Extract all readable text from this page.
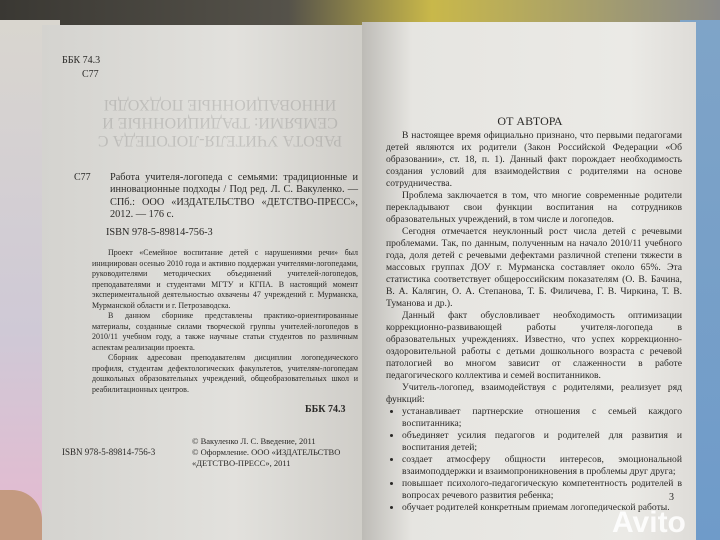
РАБОТА УЧИТЕЛЯ-ЛОГОПЕДА С СЕМЬЯМИ: ТРАДИЦИОННЫЕ И ИННОВАЦИОННЫЕ ПОДХОДЫ
ББК 74.3
С77
С77 Работа учителя-логопеда с семьями: традиционные и инновационные подходы / Под ред. Л. С. Вакуленко. — СПб.: ООО «ИЗДАТЕЛЬСТВО «ДЕТСТВО-ПРЕСС», 2012. — 176 с.
ISBN 978-5-89814-756-3

Проект «Семейное воспитание детей с нарушениями речи» был инициирован осенью 2010 года и активно поддержан учителями-логопедами, руководителями методических объединений учителей-логопедов, преподавателями и студентами МГТУ и КГПА. В настоящий момент экспериментальной деятельностью охвачены 47 учреждений г. Мурманска, Мурманской области и г. Петрозаводска.

В данном сборнике представлены практико-ориентированные материалы, созданные силами творческой группы учителей-логопедов в 2010/11 учебном году, а также научные статьи студентов по различным аспектам реализации проекта.

Сборник адресован преподавателям дисциплин логопедического профиля, студентам дефектологических факультетов, учителям-логопедам дошкольных образовательных учреждений, общеобразовательных школ и реабилитационных центров.

ББК 74.3
ISBN 978-5-89814-756-3

© Вакуленко Л. С. Введение, 2011

© Оформление. ООО «ИЗДАТЕЛЬСТВО «ДЕТСТВО-ПРЕСС», 2011

ОТ АВТОРА

В настоящее время официально признано, что первыми педагогами детей являются их родители (Закон Российской Федерации «Об образовании», ст. 18, п. 1). Данный факт порождает необходимость создания условий для взаимодействия с родителями на основе сотрудничества.

Проблема заключается в том, что многие современные родители перекладывают свои функции воспитания на сотрудников образовательных учреждений, в том числе и логопедов.

Сегодня отмечается неуклонный рост числа детей с речевыми проблемами. Так, по данным, полученным на начало 2010/11 учебного года, доля детей с речевыми дефектами различной степени тяжести в массовых группах ДОУ г. Мурманска составляет около 65%. Эта статистика соответствует общероссийским показателям (О. В. Бачина, В. А. Калягин, О. А. Степанова, Т. Б. Филичева, Г. В. Чиркина, Т. В. Туманова и др.).

Данный факт обусловливает необходимость оптимизации коррекционно-развивающей работы учителя-логопеда в образовательных учреждениях. Известно, что успех коррекционно-оздоровительной работы с детьми дошкольного возраста с речевой патологией во многом зависит от слаженности в работе педагогического коллектива и семей воспитанников.

Учитель-логопед, взаимодействуя с родителями, реализует ряд функций:

• устанавливает партнерские отношения с семьей каждого воспитанника;
• объединяет усилия педагогов и родителей для развития и воспитания детей;
• создает атмосферу общности интересов, эмоциональной взаимоподдержки и взаимопроникновения в проблемы друг друга;
• повышает психолого-педагогическую компетентность родителей в вопросах речевого развития ребенка;
• обучает родителей конкретным приемам логопедической работы.
3
Avito
